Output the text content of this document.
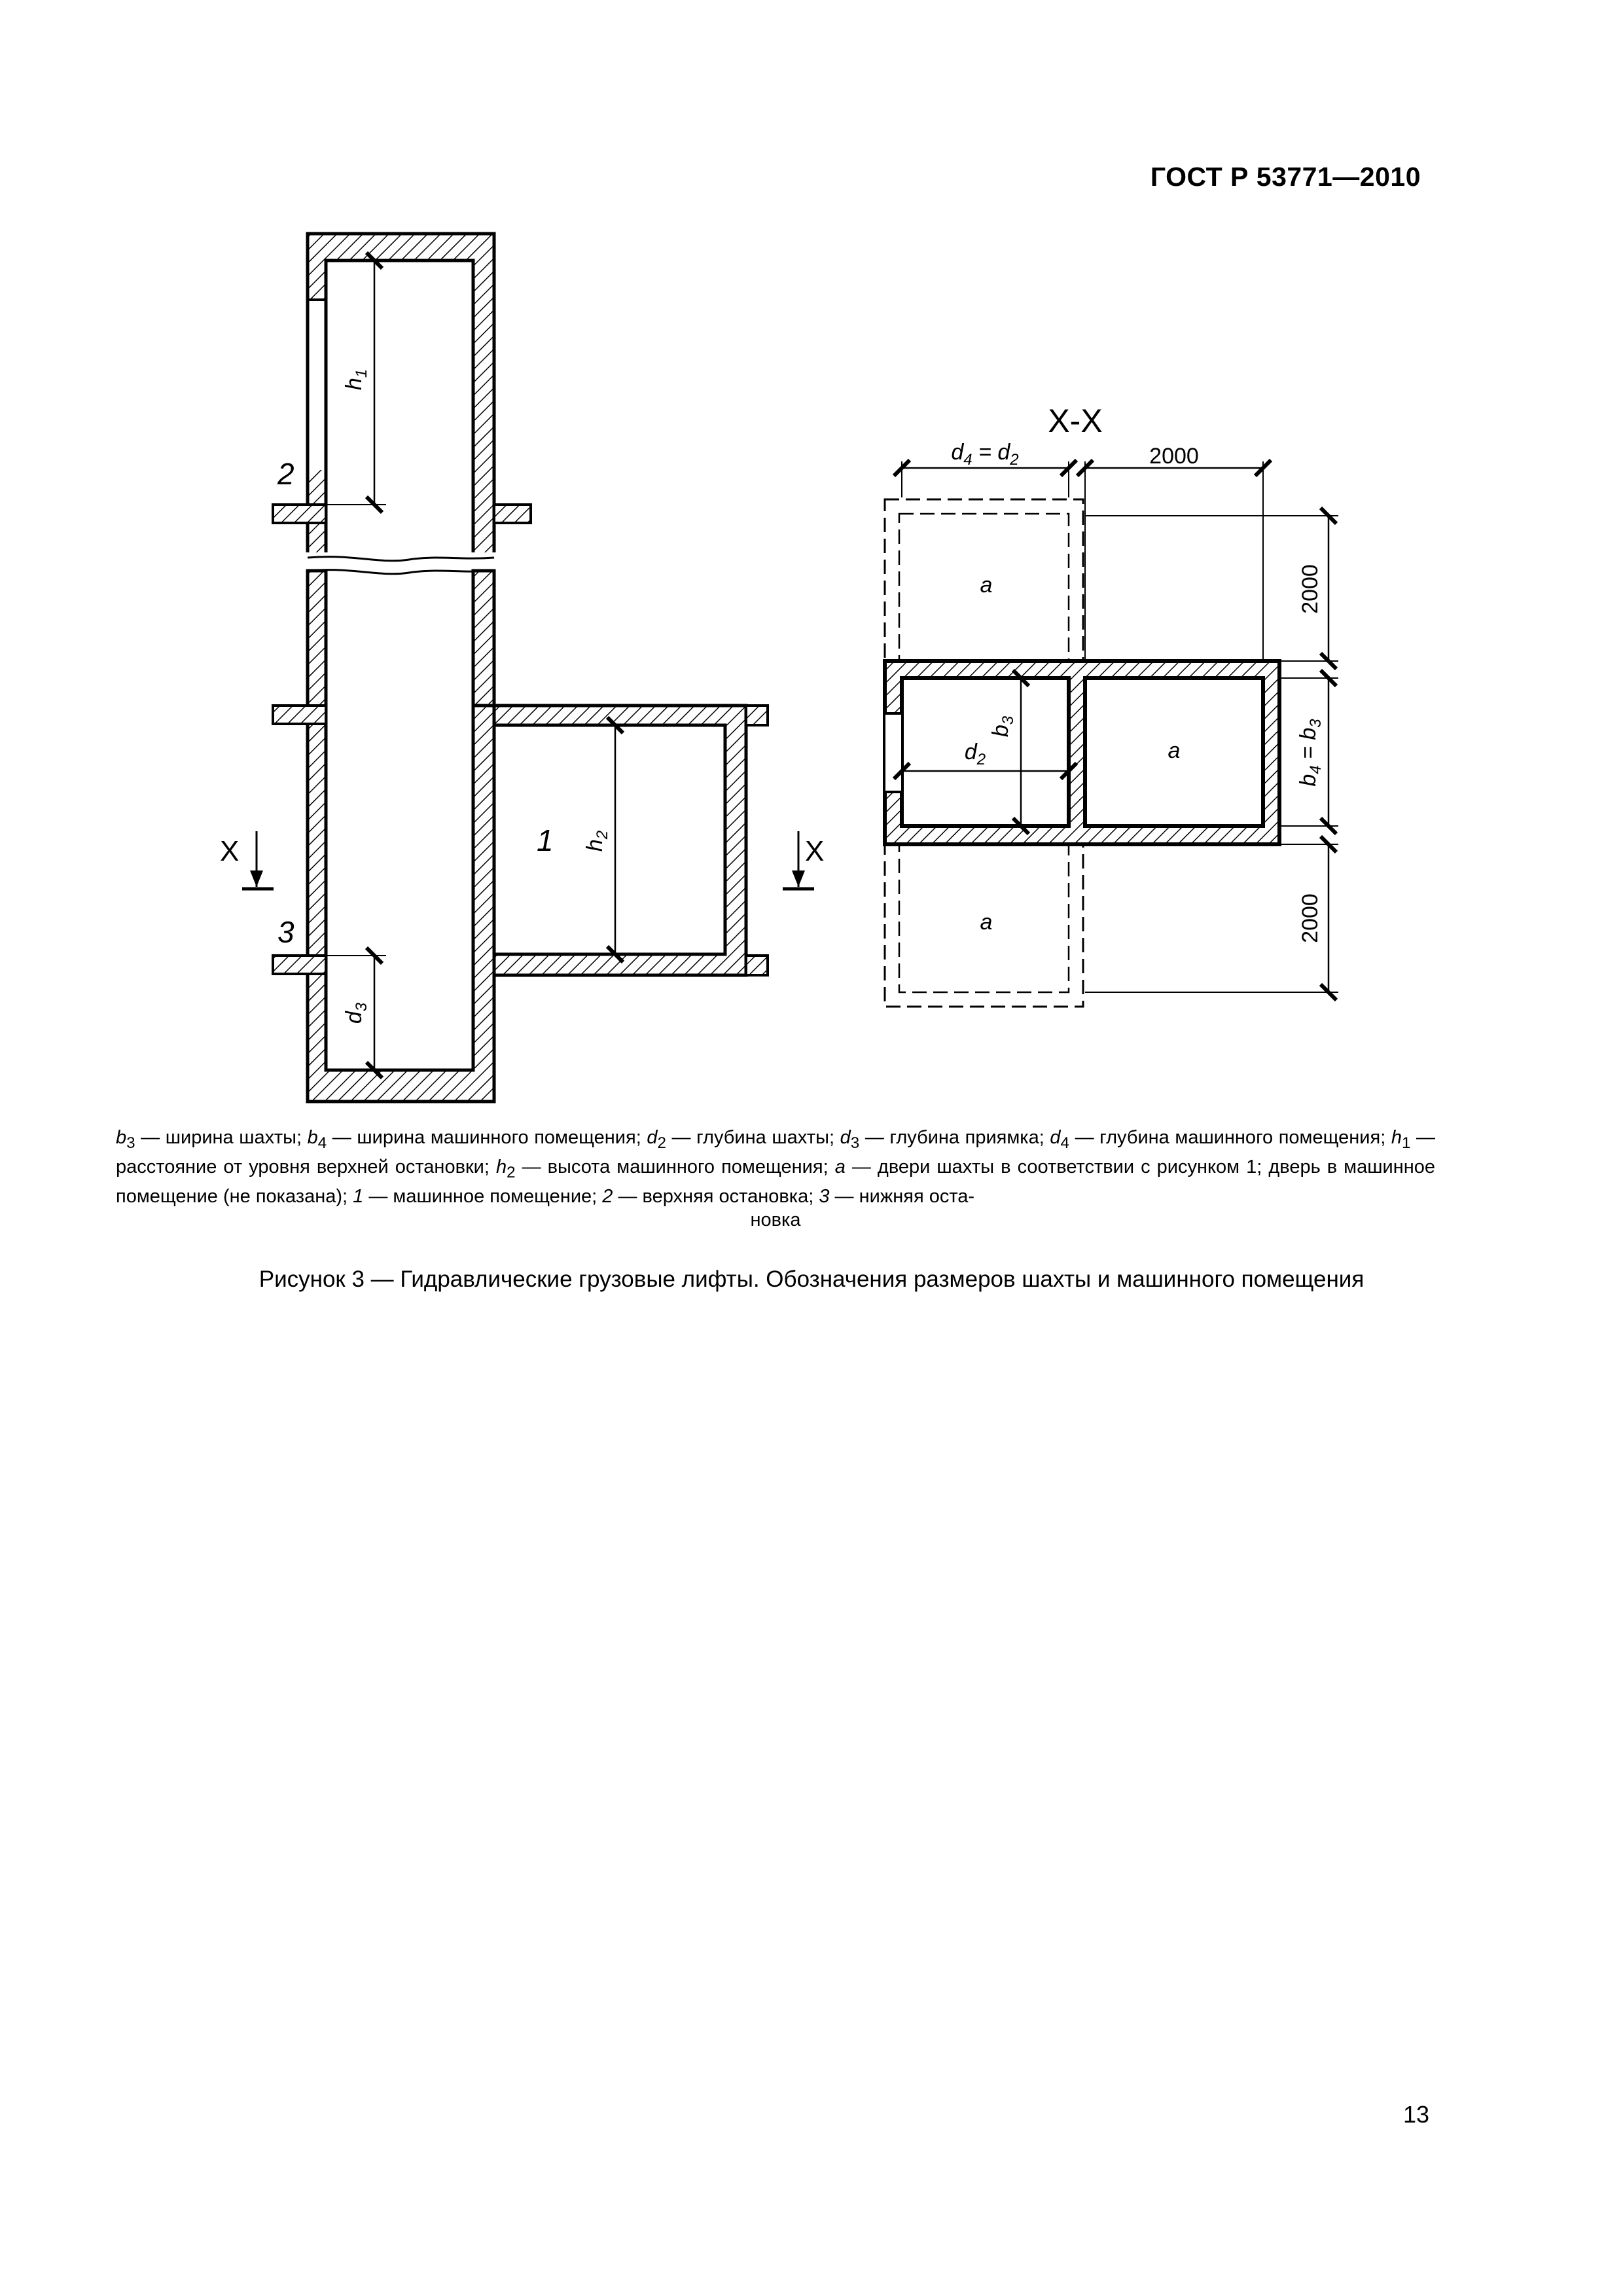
ГОСТ Р 53771—2010
$h_1$
$h_2$
$d_3$
2
3
1
X	X
X-X
$d_4 = d_2$	2000
2000
2000
$b_4 = b_3$
$b_3$
$d_2$
a
a
a
$b_3$ — ширина шахты; $b_4$ — ширина машинного помещения; $d_2$ — глубина шахты; $d_3$ — глубина приямка; $d_4$ — глубина машинного помещения; $h_1$ — расстояние от уровня верхней остановки; $h_2$ — высота машинного помещения; a — двери шахты в соответствии с рисунком 1; дверь в машинное помещение (не показана); 1 — машинное помещение; 2 — верхняя остановка; 3 — нижняя оста-
новка
Рисунок 3 — Гидравлические грузовые лифты. Обозначения размеров шахты и машинного помещения
13
